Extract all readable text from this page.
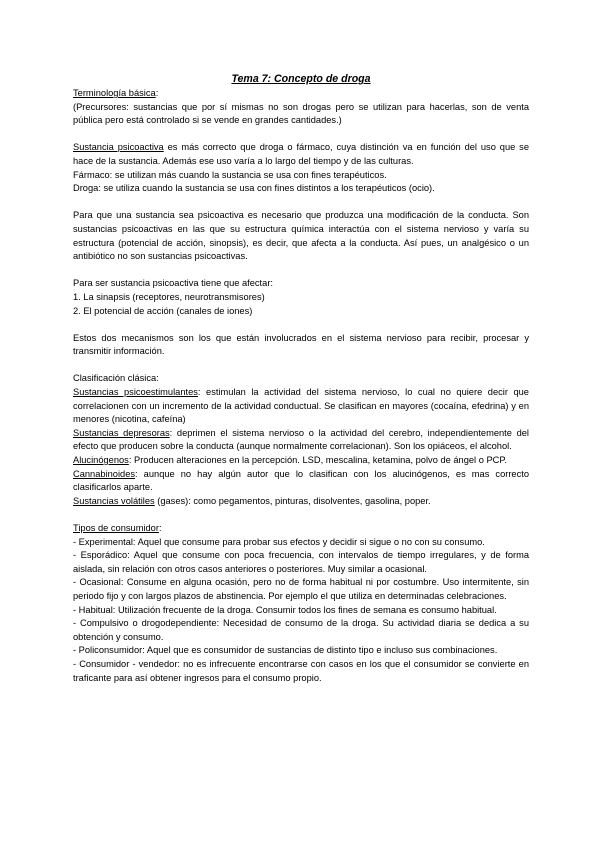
Tema 7: Concepto de droga

Terminología básica:

(Precursores: sustancias que por sí mismas no son drogas pero se utilizan para hacerlas, son de venta pública pero está controlado si se vende en grandes cantidades.)

Sustancia psicoactiva es más correcto que droga o fármaco, cuya distinción va en función del uso que se hace de la sustancia. Además ese uso varía a lo largo del tiempo y de las culturas.

Fármaco: se utilizan más cuando la sustancia se usa con fines terapéuticos.

Droga: se utiliza cuando la sustancia se usa con fines distintos a los terapéuticos (ocio).

Para que una sustancia sea psicoactiva es necesario que produzca una modificación de la conducta. Son sustancias psicoactivas en las que su estructura química interactúa con el sistema nervioso y varía su estructura (potencial de acción, sinopsis), es decir, que afecta a la conducta. Así pues, un analgésico o un antibiótico no son sustancias psicoactivas.

Para ser sustancia psicoactiva tiene que afectar:

1. La sinapsis (receptores, neurotransmisores)
2. El potencial de acción (canales de iones)

Estos dos mecanismos son los que están involucrados en el sistema nervioso para recibir, procesar y transmitir información.

Clasificación clásica:

Sustancias psicoestimulantes: estimulan la actividad del sistema nervioso, lo cual no quiere decir que correlacionen con un incremento de la actividad conductual. Se clasifican en mayores (cocaína, efedrina) y en menores (nicotina, cafeína)

Sustancias depresoras: deprimen el sistema nervioso o la actividad del cerebro, independientemente del efecto que producen sobre la conducta (aunque normalmente correlacionan). Son los opiáceos, el alcohol.

Alucinógenos: Producen alteraciones en la percepción. LSD, mescalina, ketamina, polvo de ángel o PCP.

Cannabinoides: aunque no hay algún autor que lo clasifican con los alucinógenos, es mas correcto clasificarlos aparte.

Sustancias volátiles (gases): como pegamentos, pinturas, disolventes, gasolina, poper.

Tipos de consumidor:

- Experimental: Aquel que consume para probar sus efectos y decidir si sigue o no con su consumo.

- Esporádico: Aquel que consume con poca frecuencia, con intervalos de tiempo irregulares, y de forma aislada, sin relación con otros casos anteriores o posteriores. Muy similar a ocasional.

- Ocasional: Consume en alguna ocasión, pero no de forma habitual ni por costumbre. Uso intermitente, sin periodo fijo y con largos plazos de abstinencia. Por ejemplo el que utiliza en determinadas celebraciones.

- Habitual: Utilización frecuente de la droga. Consumir todos los fines de semana es consumo habitual.

- Compulsivo o drogodependiente: Necesidad de consumo de la droga. Su actividad diaria se dedica a su obtención y consumo.

- Policonsumidor: Aquel que es consumidor de sustancias de distinto tipo e incluso sus combinaciones.

- Consumidor - vendedor: no es infrecuente encontrarse con casos en los que el consumidor se convierte en traficante para así obtener ingresos para el consumo propio.
